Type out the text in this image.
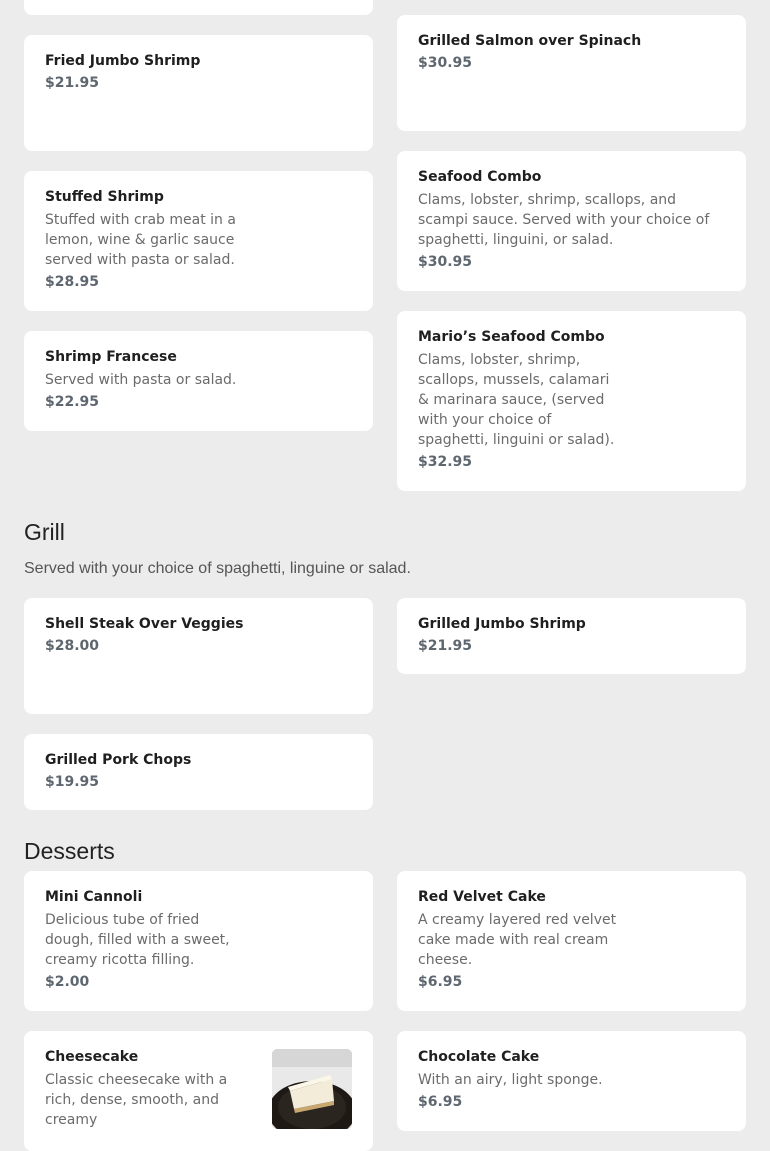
Fried Jumbo Shrimp
$21.95
Grilled Salmon over Spinach
$30.95
Stuffed Shrimp
Stuffed with crab meat in a lemon, wine & garlic sauce served with pasta or salad.
$28.95
Seafood Combo
Clams, lobster, shrimp, scallops, and scampi sauce. Served with your choice of spaghetti, linguini, or salad.
$30.95
Shrimp Francese
Served with pasta or salad.
$22.95
Mario’s Seafood Combo
Clams, lobster, shrimp, scallops, mussels, calamari & marinara sauce, (served with your choice of spaghetti, linguini or salad).
$32.95
Grill

Served with your choice of spaghetti, linguine or salad.

Shell Steak Over Veggies
$28.00
Grilled Jumbo Shrimp
$21.95
Grilled Pork Chops
$19.95
Desserts
Mini Cannoli
Delicious tube of fried dough, filled with a sweet, creamy ricotta filling.
$2.00
Red Velvet Cake
A creamy layered red velvet cake made with real cream cheese.
$6.95
Cheesecake
Classic cheesecake with a rich, dense, smooth, and creamy
Chocolate Cake
With an airy, light sponge.
$6.95
